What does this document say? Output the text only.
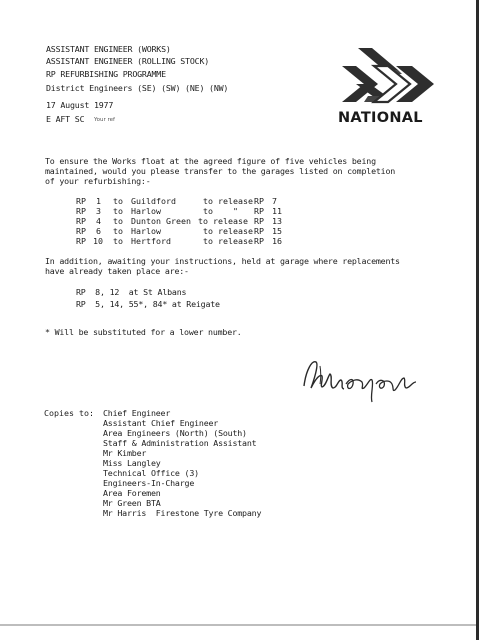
ASSISTANT ENGINEER (WORKS)
ASSISTANT ENGINEER (ROLLING STOCK)
RP REFURBISHING PROGRAMME
District Engineers (SE) (SW) (NE) (NW)
17 August 1977
E AFT SC Your ref	NATIONAL
To ensure the Works float at the agreed figure of five vehicles being
maintained, would you please transfer to the garages listed on completion
of your refurbishing:-
RP 1 to Guildford	to release RP 7
RP 3 to Harlow	to    " RP 11
RP 4 to Dunton Green to release RP 13
RP 6 to Harlow	to release RP 15
RP 10 to Hertford	to release RP 16
In addition, awaiting your instructions, held at garage where replacements
have already taken place are:-
RP  8, 12  at St Albans
RP  5, 14, 55*, 84* at Reigate
* Will be substituted for a lower number.
Copies to: Chief Engineer
Assistant Chief Engineer
Area Engineers (North) (South)
Staff & Administration Assistant
Mr Kimber
Miss Langley
Technical Office (3)
Engineers-In-Charge
Area Foremen
Mr Green BTA
Mr Harris  Firestone Tyre Company
